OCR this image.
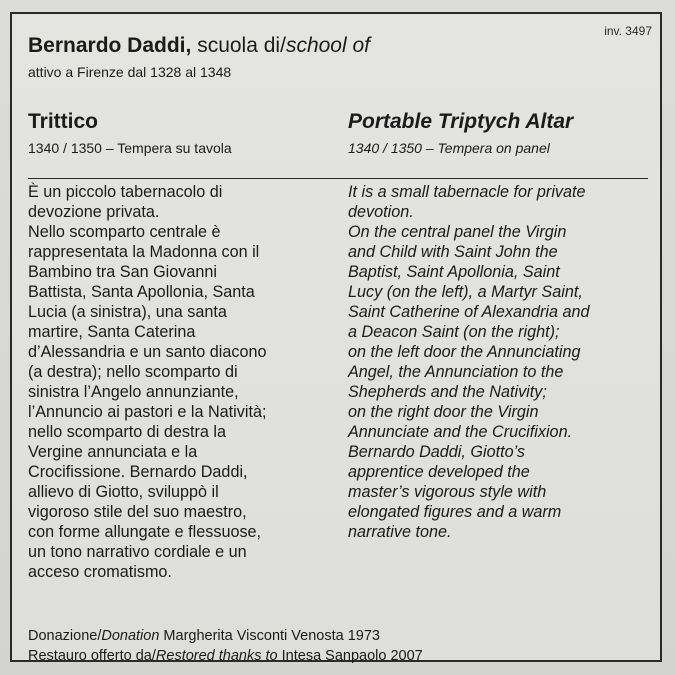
inv. 3497
Bernardo Daddi, scuola di/school of
attivo a Firenze dal 1328 al 1348
Trittico	Portable Triptych Altar
1340 / 1350 – Tempera su tavola	1340 / 1350 – Tempera on panel
È un piccolo tabernacolo di
devozione privata.
Nello scomparto centrale è
rappresentata la Madonna con il
Bambino tra San Giovanni
Battista, Santa Apollonia, Santa
Lucia (a sinistra), una santa
martire, Santa Caterina
d’Alessandria e un santo diacono
(a destra); nello scomparto di
sinistra l’Angelo annunziante,
l’Annuncio ai pastori e la Natività;
nello scomparto di destra la
Vergine annunciata e la
Crocifissione. Bernardo Daddi,
allievo di Giotto, sviluppò il
vigoroso stile del suo maestro,
con forme allungate e flessuose,
un tono narrativo cordiale e un
acceso cromatismo.
It is a small tabernacle for private
devotion.
On the central panel the Virgin
and Child with Saint John the
Baptist, Saint Apollonia, Saint
Lucy (on the left), a Martyr Saint,
Saint Catherine of Alexandria and
a Deacon Saint (on the right);
on the left door the Annunciating
Angel, the Annunciation to the
Shepherds and the Nativity;
on the right door the Virgin
Annunciate and the Crucifixion.
Bernardo Daddi, Giotto’s
apprentice developed the
master’s vigorous style with
elongated figures and a warm
narrative tone.
Donazione/Donation Margherita Visconti Venosta 1973
Restauro offerto da/Restored thanks to Intesa Sanpaolo 2007
